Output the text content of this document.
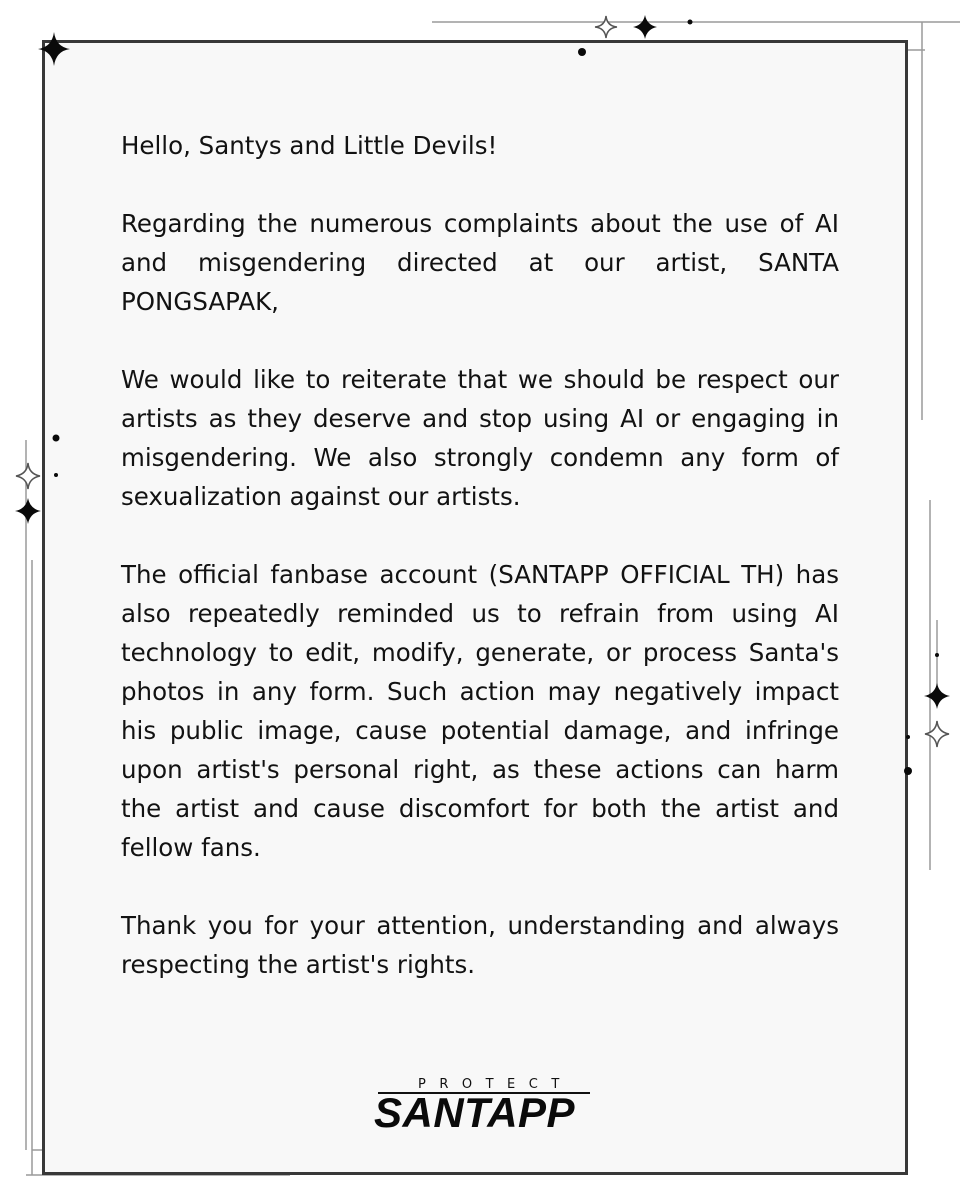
Hello, Santys and Little Devils!

Regarding the numerous complaints about the use of AI and misgendering directed at our artist, SANTA PONGSAPAK,

We would like to reiterate that we should be respect our artists as they deserve and stop using AI or engaging in misgendering. We also strongly condemn any form of sexualization against our artists.

The official fanbase account (SANTAPP OFFICIAL TH) has also repeatedly reminded us to refrain from using AI technology to edit, modify, generate, or process Santa's photos in any form. Such action may negatively impact his public image, cause potential damage, and infringe upon artist's personal right, as these actions can harm the artist and cause discomfort for both the artist and fellow fans.

Thank you for your attention, understanding and always respecting the artist's rights.

PROTECT
SANTAPP
